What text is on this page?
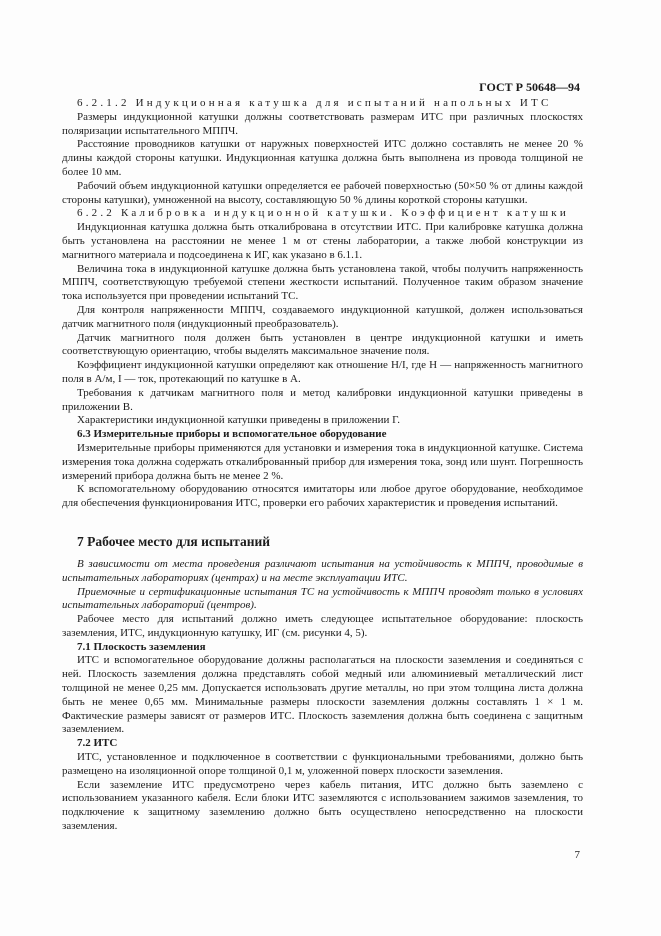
ГОСТ Р 50648—94

6.2.1.2 Индукционная катушка для испытаний напольных ИТС

Размеры индукционной катушки должны соответствовать размерам ИТС при различных плоскостях поляризации испытательного МППЧ.

Расстояние проводников катушки от наружных поверхностей ИТС должно составлять не менее 20 % длины каждой стороны катушки. Индукционная катушка должна быть выполнена из провода толщиной не более 10 мм.

Рабочий объем индукционной катушки определяется ее рабочей поверхностью (50×50 % от длины каждой стороны катушки), умноженной на высоту, составляющую 50 % длины короткой стороны катушки.

6.2.2 Калибровка индукционной катушки. Коэффициент катушки

Индукционная катушка должна быть откалибрована в отсутствии ИТС. При калибровке катушка должна быть установлена на расстоянии не менее 1 м от стены лаборатории, а также любой конструкции из магнитного материала и подсоединена к ИГ, как указано в 6.1.1.

Величина тока в индукционной катушке должна быть установлена такой, чтобы получить напряженность МППЧ, соответствующую требуемой степени жесткости испытаний. Полученное таким образом значение тока используется при проведении испытаний ТС.

Для контроля напряженности МППЧ, создаваемого индукционной катушкой, должен использоваться датчик магнитного поля (индукционный преобразователь).

Датчик магнитного поля должен быть установлен в центре индукционной катушки и иметь соответствующую ориентацию, чтобы выделять максимальное значение поля.

Коэффициент индукционной катушки определяют как отношение H/I, где H — напряженность магнитного поля в А/м, I — ток, протекающий по катушке в А.

Требования к датчикам магнитного поля и метод калибровки индукционной катушки приведены в приложении В.

Характеристики индукционной катушки приведены в приложении Г.

6.3 Измерительные приборы и вспомогательное оборудование

Измерительные приборы применяются для установки и измерения тока в индукционной катушке. Система измерения тока должна содержать откалиброванный прибор для измерения тока, зонд или шунт. Погрешность измерений прибора должна быть не менее 2 %.

К вспомогательному оборудованию относятся имитаторы или любое другое оборудование, необходимое для обеспечения функционирования ИТС, проверки его рабочих характеристик и проведения испытаний.

7 Рабочее место для испытаний

В зависимости от места проведения различают испытания на устойчивость к МППЧ, проводимые в испытательных лабораториях (центрах) и на месте эксплуатации ИТС.

Приемочные и сертификационные испытания ТС на устойчивость к МППЧ проводят только в условиях испытательных лабораторий (центров).

Рабочее место для испытаний должно иметь следующее испытательное оборудование: плоскость заземления, ИТС, индукционную катушку, ИГ (см. рисунки 4, 5).

7.1 Плоскость заземления

ИТС и вспомогательное оборудование должны располагаться на плоскости заземления и соединяться с ней. Плоскость заземления должна представлять собой медный или алюминиевый металлический лист толщиной не менее 0,25 мм. Допускается использовать другие металлы, но при этом толщина листа должна быть не менее 0,65 мм. Минимальные размеры плоскости заземления должны составлять 1 × 1 м. Фактические размеры зависят от размеров ИТС. Плоскость заземления должна быть соединена с защитным заземлением.

7.2 ИТС

ИТС, установленное и подключенное в соответствии с функциональными требованиями, должно быть размещено на изоляционной опоре толщиной 0,1 м, уложенной поверх плоскости заземления.

Если заземление ИТС предусмотрено через кабель питания, ИТС должно быть заземлено с использованием указанного кабеля. Если блоки ИТС заземляются с использованием зажимов заземления, то подключение к защитному заземлению должно быть осуществлено непосредственно на плоскости заземления.

7
